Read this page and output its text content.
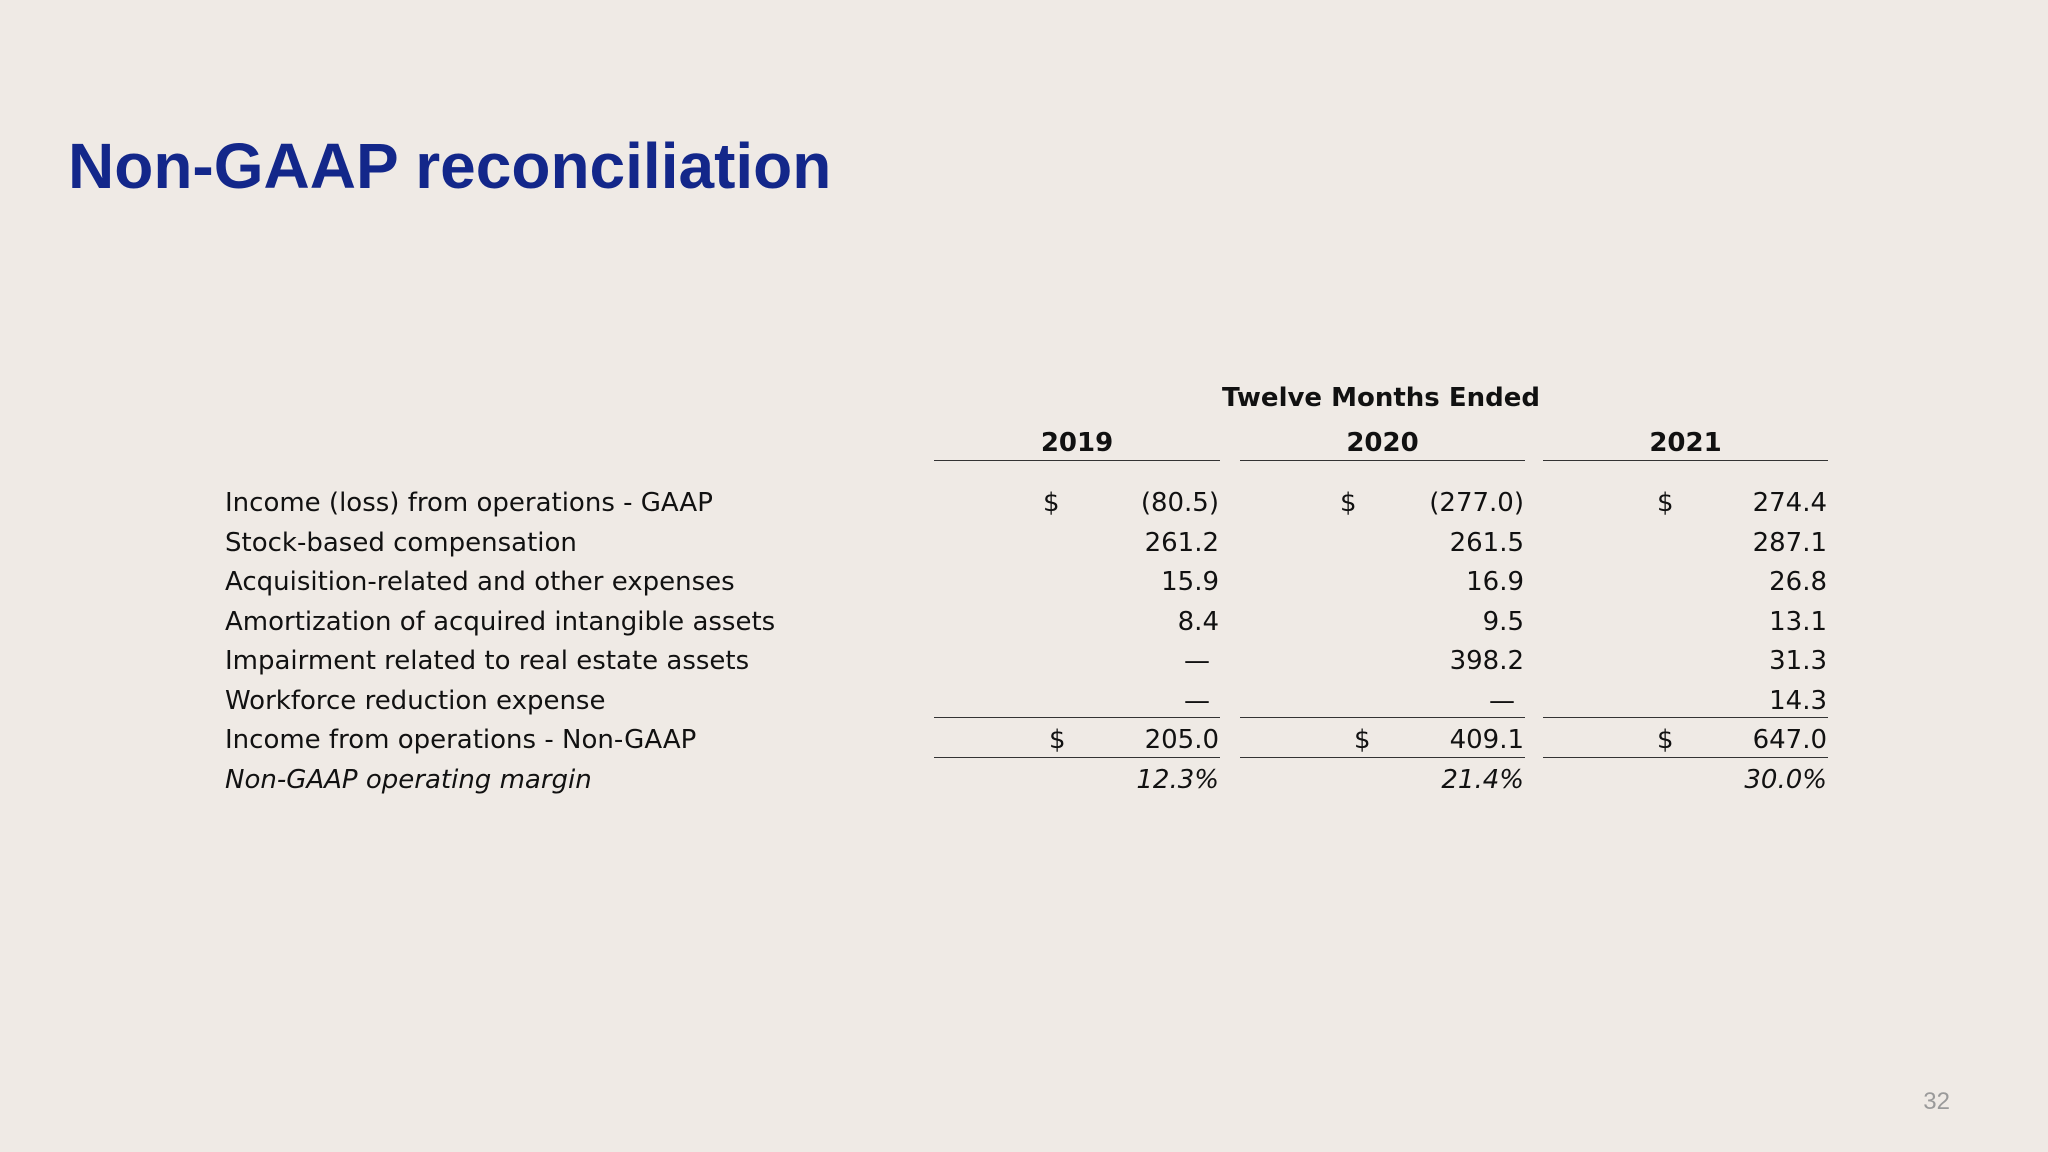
Non-GAAP reconciliation
Twelve Months Ended
2019	2020	2021
Income (loss) from operations - GAAP	$	(80.5)	$	(277.0)	$	274.4
Stock-based compensation	261.2	261.5	287.1
Acquisition-related and other expenses	15.9	16.9	26.8
Amortization of acquired intangible assets	8.4	9.5	13.1
Impairment related to real estate assets	—	398.2	31.3
Workforce reduction expense	—	—	14.3
Income from operations - Non-GAAP	$	205.0	$	409.1	$	647.0
Non-GAAP operating margin	12.3%	21.4%	30.0%
32
